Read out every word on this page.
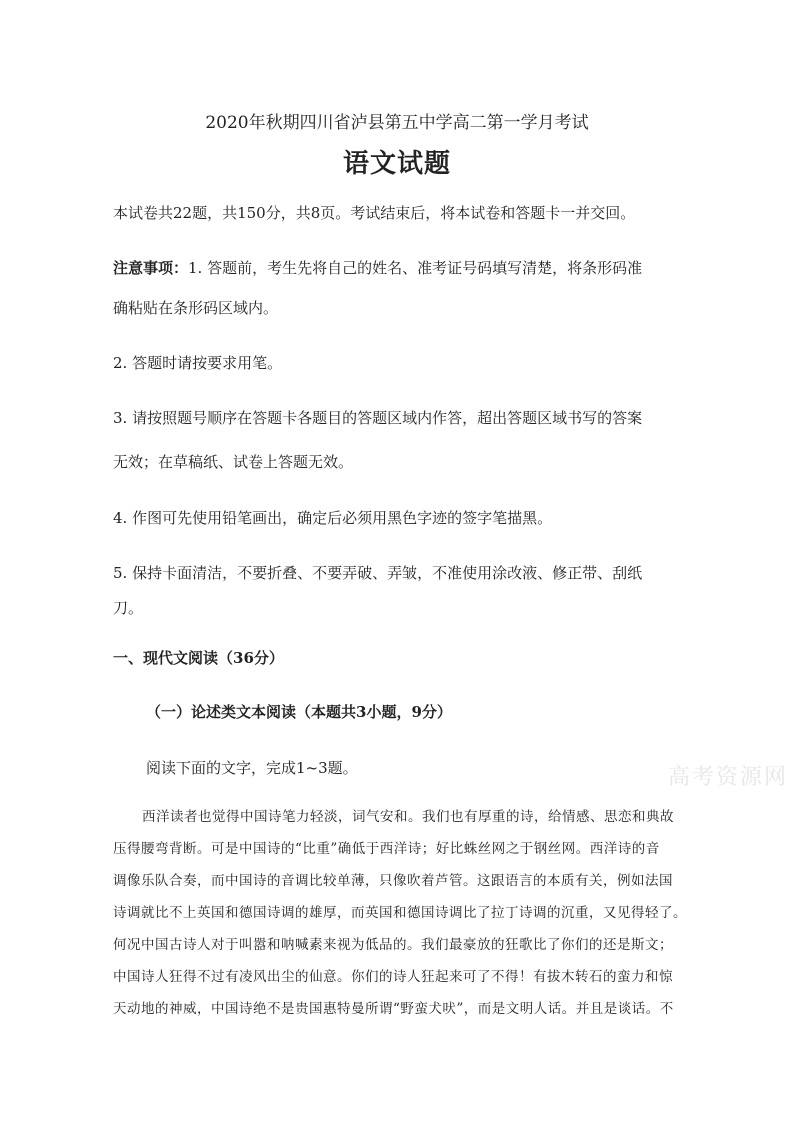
2020年秋期四川省泸县第五中学高二第一学月考试
语文试题
本试卷共22题，共150分，共8页。考试结束后，将本试卷和答题卡一并交回。
注意事项：1. 答题前，考生先将自己的姓名、准考证号码填写清楚，将条形码准
确粘贴在条形码区域内。
2. 答题时请按要求用笔。
3. 请按照题号顺序在答题卡各题目的答题区域内作答，超出答题区域书写的答案
无效；在草稿纸、试卷上答题无效。
4. 作图可先使用铅笔画出，确定后必须用黑色字迹的签字笔描黑。
5. 保持卡面清洁，不要折叠、不要弄破、弄皱，不准使用涂改液、修正带、刮纸
刀。
一、现代文阅读（36分）
（一）论述类文本阅读（本题共3小题，9分）
阅读下面的文字，完成1~3题。	高考资源网
西洋读者也觉得中国诗笔力轻淡，词气安和。我们也有厚重的诗，给情感、思恋和典故
压得腰弯背断。可是中国诗的“比重”确低于西洋诗；好比蛛丝网之于钢丝网。西洋诗的音
调像乐队合奏，而中国诗的音调比较单薄，只像吹着芦管。这跟语言的本质有关，例如法国
诗调就比不上英国和德国诗调的雄厚，而英国和德国诗调比了拉丁诗调的沉重，又见得轻了。
何况中国古诗人对于叫嚣和呐喊素来视为低品的。我们最豪放的狂歌比了你们的还是斯文；
中国诗人狂得不过有凌风出尘的仙意。你们的诗人狂起来可了不得！有拔木转石的蛮力和惊
天动地的神威，中国诗绝不是贵国惠特曼所谓“野蛮犬吠”，而是文明人话。并且是谈话。不
